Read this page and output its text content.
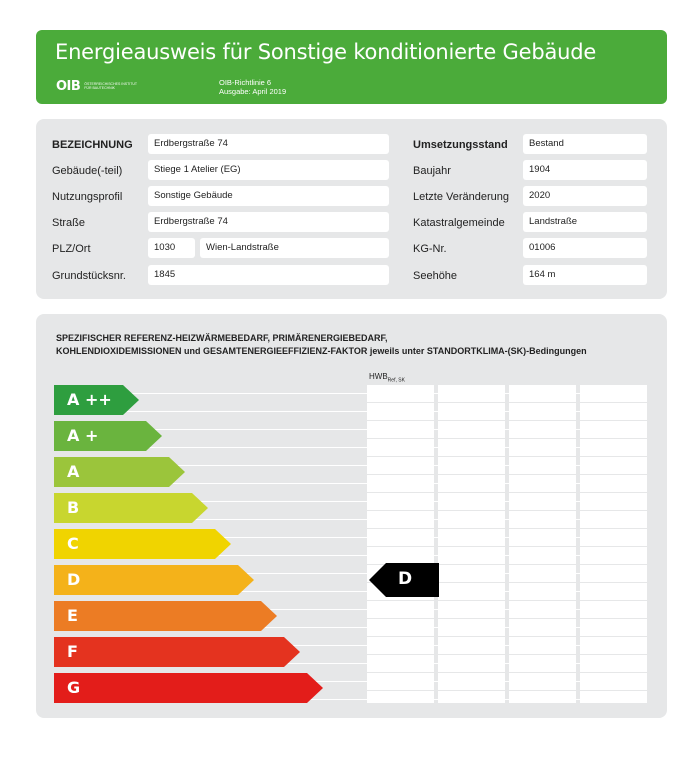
Energieausweis für Sonstige konditionierte Gebäude
OIB ÖSTERREICHISCHES INSTITUT FÜR BAUTECHNIK
OIB-Richtlinie 6
Ausgabe: April 2019
BEZEICHNUNG	Erdbergstraße 74
Gebäude(-teil)	Stiege 1 Atelier (EG)
Nutzungsprofil	Sonstige Gebäude
Straße	Erdbergstraße 74
PLZ/Ort	1030	Wien-Landstraße
Grundstücksnr.	1845
Umsetzungsstand	Bestand
Baujahr	1904
Letzte Veränderung	2020
Katastralgemeinde	Landstraße
KG-Nr.	01006
Seehöhe	164 m
SPEZIFISCHER REFERENZ-HEIZWÄRMEBEDARF, PRIMÄRENERGIEBEDARF,
KOHLENDIOXIDEMISSIONEN und GESAMTENERGIEEFFIZIENZ-FAKTOR jeweils unter STANDORTKLIMA-(SK)-Bedingungen
$HWB_{Ref, SK}$
A ++
A +
A
B
C
D
E
F
G
D
